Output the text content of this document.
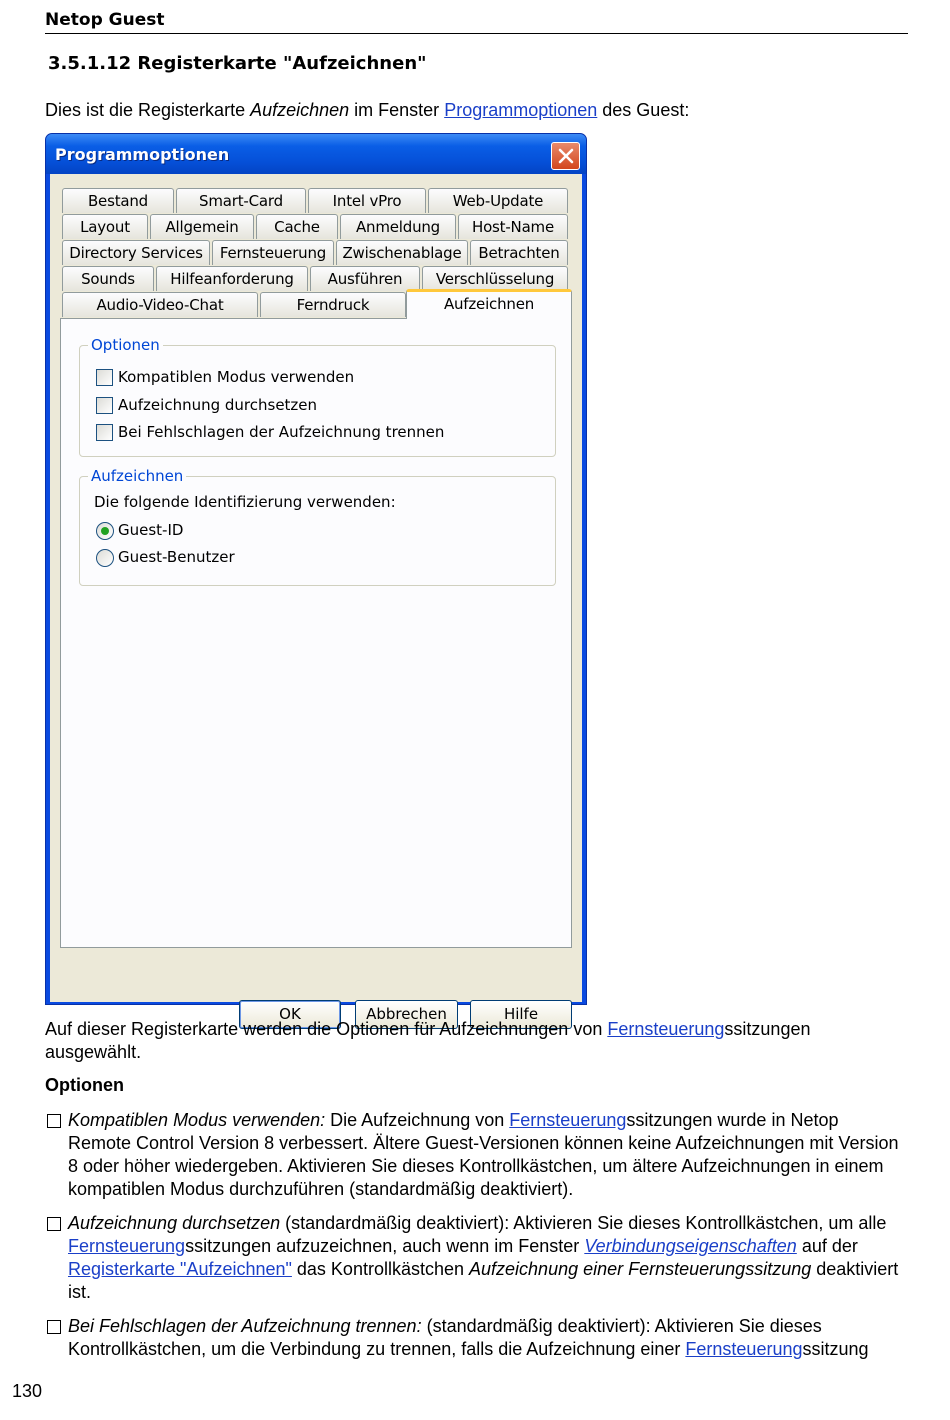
Netop Guest
3.5.1.12 Registerkarte "Aufzeichnen"
Dies ist die Registerkarte Aufzeichnen im Fenster Programmoptionen des Guest:
Programmoptionen
Bestand	Smart-Card	Intel vPro	Web-Update
Layout	Allgemein	Cache	Anmeldung	Host-Name
Directory Services	Fernsteuerung	Zwischenablage	Betrachten
Sounds	Hilfeanforderung	Ausführen	Verschlüsselung
Audio-Video-Chat	Ferndruck	Aufzeichnen
Optionen
Kompatiblen Modus verwenden
Aufzeichnung durchsetzen
Bei Fehlschlagen der Aufzeichnung trennen
Aufzeichnen
Die folgende Identifizierung verwenden:
Guest-ID
Guest-Benutzer
OK	Abbrechen	Hilfe
Auf dieser Registerkarte werden die Optionen für Aufzeichnungen von Fernsteuerungssitzungen ausgewählt.
Optionen
Kompatiblen Modus verwenden: Die Aufzeichnung von Fernsteuerungssitzungen wurde in Netop Remote Control Version 8 verbessert. Ältere Guest-Versionen können keine Aufzeichnungen mit Version 8 oder höher wiedergeben. Aktivieren Sie dieses Kontrollkästchen, um ältere Aufzeichnungen in einem kompatiblen Modus durchzuführen (standardmäßig deaktiviert).
Aufzeichnung durchsetzen (standardmäßig deaktiviert): Aktivieren Sie dieses Kontrollkästchen, um alle Fernsteuerungssitzungen aufzuzeichnen, auch wenn im Fenster Verbindungseigenschaften auf der Registerkarte "Aufzeichnen" das Kontrollkästchen Aufzeichnung einer Fernsteuerungssitzung deaktiviert ist.
Bei Fehlschlagen der Aufzeichnung trennen: (standardmäßig deaktiviert): Aktivieren Sie dieses Kontrollkästchen, um die Verbindung zu trennen, falls die Aufzeichnung einer Fernsteuerungssitzung
130
